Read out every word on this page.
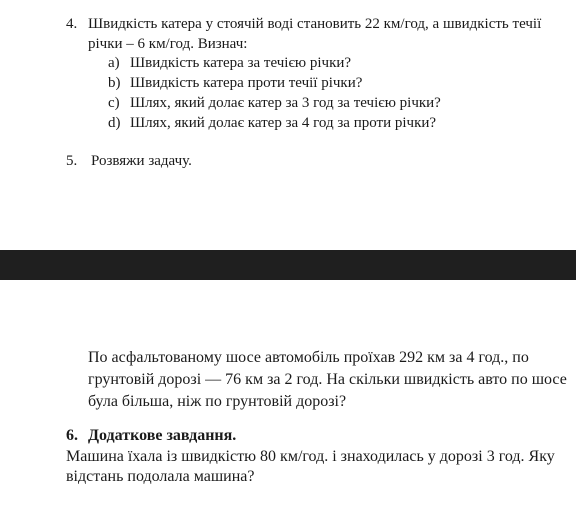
4. Швидкість катера у стоячій воді становить 22 км/год, а швидкість течії
річки – 6 км/год. Визнач:
a) Швидкість катера за течією річки?
b) Швидкість катера проти течії річки?
c) Шлях, який долає катер за 3 год за течією річки?
d) Шлях, який долає катер за 4 год за проти річки?
5. Розвяжи задачу.
По асфальтованому шосе автомобіль проїхав 292 км за 4 год., по
грунтовій дорозі — 76 км за 2 год. На скільки швидкість авто по шосе
була більша, ніж по грунтовій дорозі?
6. Додаткове завдання.
Машина їхала із швидкістю 80 км/год. і знаходилась у дорозі 3 год. Яку
відстань подолала машина?
